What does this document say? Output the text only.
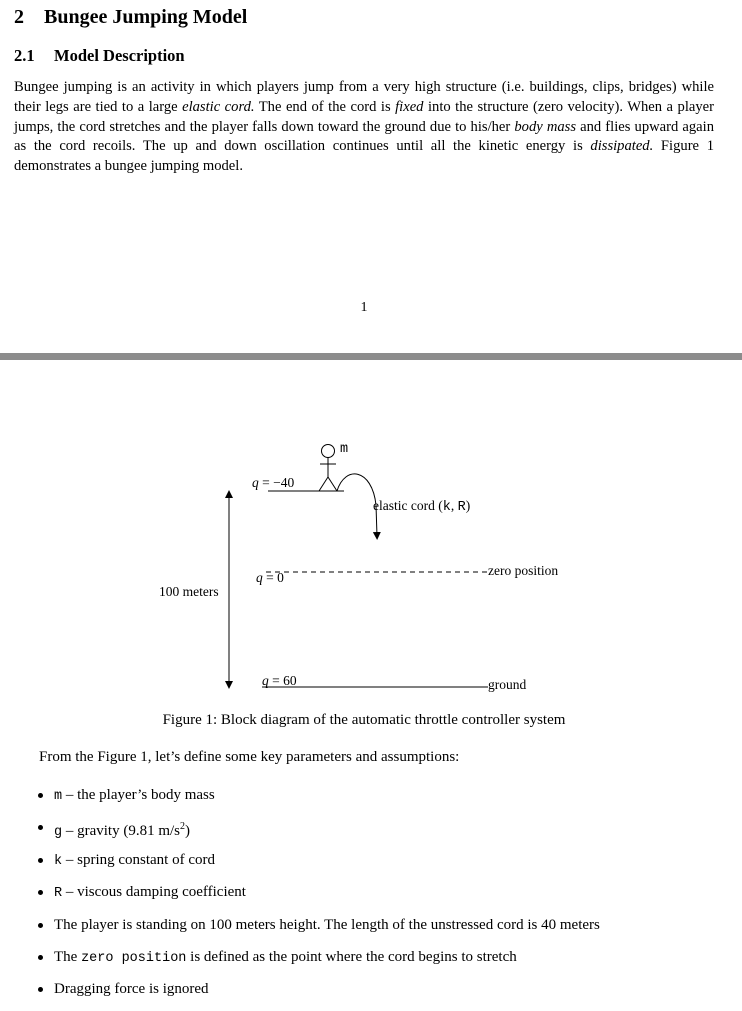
2 Bungee Jumping Model
2.1 Model Description

Bungee jumping is an activity in which players jump from a very high structure (i.e. buildings, clips, bridges) while their legs are tied to a large elastic cord. The end of the cord is fixed into the structure (zero velocity). When a player jumps, the cord stretches and the player falls down toward the ground due to his/her body mass and flies upward again as the cord recoils. The up and down oscillation continues until all the kinetic energy is dissipated. Figure 1 demonstrates a bungee jumping model.

1
m
q = −40
elastic cord (k, R)
q = 0	zero position
100 meters
q = 60	ground
Figure 1: Block diagram of the automatic throttle controller system
From the Figure 1, let’s define some key parameters and assumptions:
m – the player’s body mass
g – gravity (9.81 $m/s^2$)
k – spring constant of cord
R – viscous damping coefficient
The player is standing on 100 meters height. The length of the unstressed cord is 40 meters
The zero position is defined as the point where the cord begins to stretch
Dragging force is ignored
